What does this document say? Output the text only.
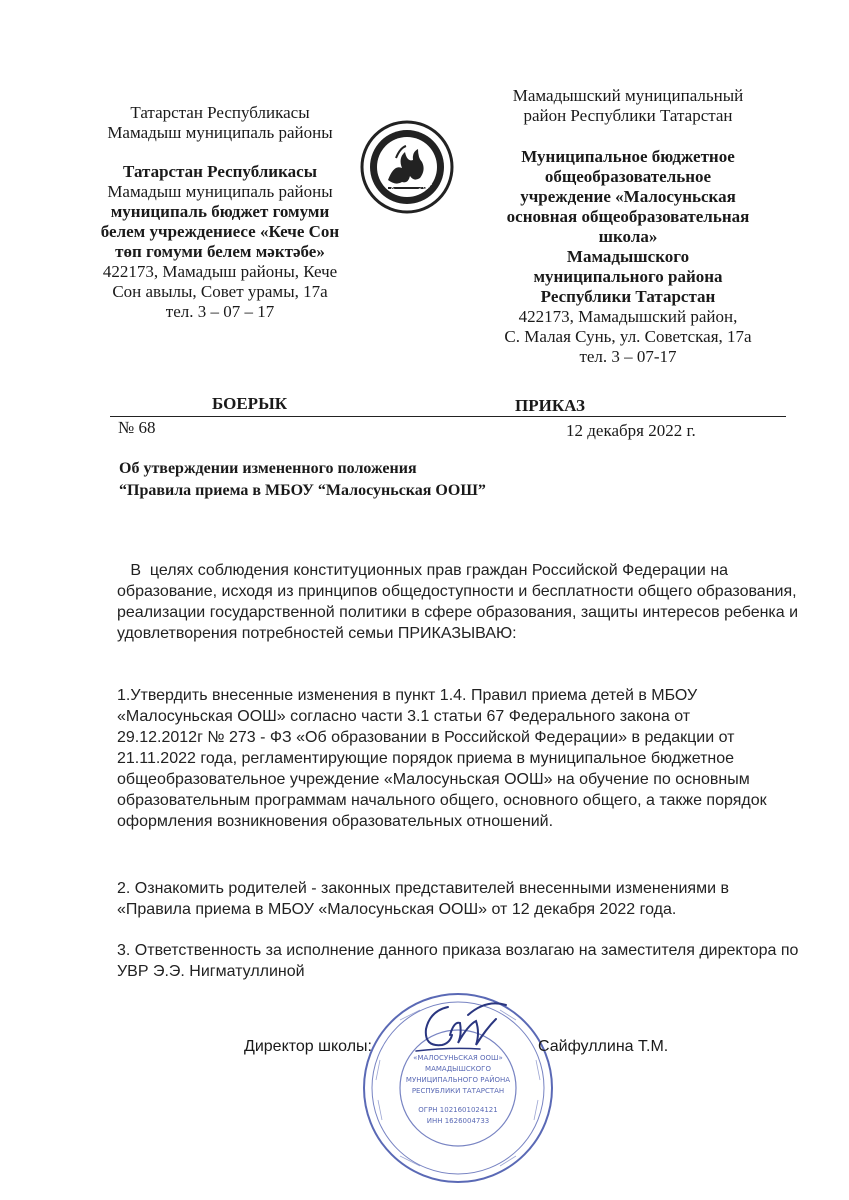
Татарстан Республикасы
Мамадыш муниципаль районы
Татарстан Республикасы
Мамадыш муниципаль районы
муниципаль бюджет гомуми
белем учреждениесе «Кече Сон
төп гомуми белем мәктәбе»
422173, Мамадыш районы, Кече
Сон авылы, Совет урамы, 17а
тел. 3 – 07 – 17
ТАТАРСТАН
Мамадышский муниципальный
район Республики Татарстан
Муниципальное бюджетное
общеобразовательное
учреждение «Малосуньская
основная общеобразовательная
школа»
Мамадышского
муниципального района
Республики Татарстан
422173, Мамадышский район,
С. Малая Сунь, ул. Советская, 17а
тел. 3 – 07-17
БОЕРЫК	ПРИКАЗ
№ 68	12 декабря 2022 г.
Об утверждении измененного положения
“Правила приема в МБОУ “Малосуньская ООШ”
В  целях соблюдения конституционных прав граждан Российской Федерации на
образование, исходя из принципов общедоступности и бесплатности общего образования,
реализации государственной политики в сфере образования, защиты интересов ребенка и
удовлетворения потребностей семьи ПРИКАЗЫВАЮ:
1.Утвердить внесенные изменения в пункт 1.4. Правил приема детей в МБОУ
«Малосуньская ООШ» согласно части 3.1 статьи 67 Федерального закона от
29.12.2012г № 273 - ФЗ «Об образовании в Российской Федерации» в редакции от
21.11.2022 года, регламентирующие порядок приема в муниципальное бюджетное
общеобразовательное учреждение «Малосуньская ООШ» на обучение по основным
образовательным программам начального общего, основного общего, а также порядок
оформления возникновения образовательных отношений.
2. Ознакомить родителей - законных представителей внесенными изменениями в
«Правила приема в МБОУ «Малосуньская ООШ» от 12 декабря 2022 года.
3. Ответственность за исполнение данного приказа возлагаю на заместителя директора по
УВР Э.Э. Нигматуллиной
«МАЛОСУНЬСКАЯ ООШ»
МАМАДЫШСКОГО
МУНИЦИПАЛЬНОГО РАЙОНА
РЕСПУБЛИКИ ТАТАРСТАН
ОГРН 1021601024121
ИНН 1626004733
Директор школы:	Сайфуллина Т.М.
